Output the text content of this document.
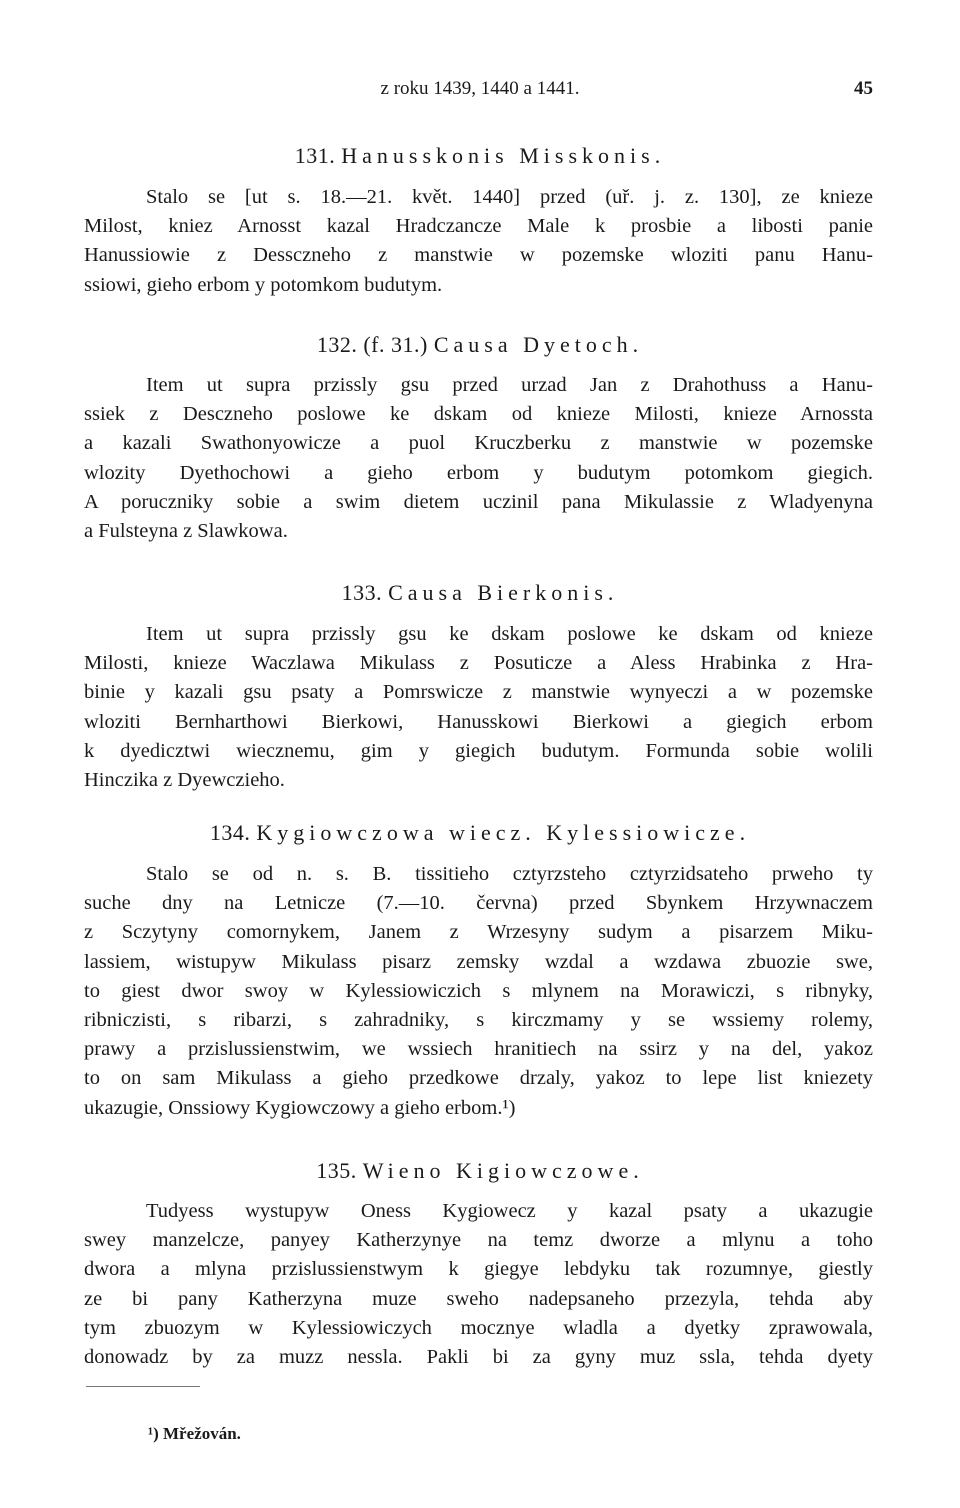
z roku 1439, 1440 a 1441.	45
131. Hanusskonis Misskonis.
Stalo se [ut s. 18.—21. květ. 1440] przed (uř. j. z. 130], ze knieze
Milost, kniez Arnosst kazal Hradczancze Male k prosbie a libosti panie
Hanussiowie z Dessczneho z manstwie w pozemske wloziti panu Hanu-
ssiowi, gieho erbom y potomkom budutym.
132. (f. 31.) Causa Dyetoch.
Item ut supra przissly gsu przed urzad Jan z Drahothuss a Hanu-
ssiek z Desczneho poslowe ke dskam od knieze Milosti, knieze Arnossta
a kazali Swathonyowicze a puol Kruczberku z manstwie w pozemske
wlozity Dyethochowi a gieho erbom y budutym potomkom giegich.
A porucznikу sobie a swim dietem uczinil pana Mikulassie z Wladyenyna
a Fulsteyna z Slawkowa.
133. Causa Bierkonis.
Item ut supra przissly gsu ke dskam poslowe ke dskam od knieze
Milosti, knieze Waczlawa Mikulass z Posuticze a Aless Hrabinka z Hra-
binie y kazali gsu psaty a Pomrswicze z manstwie wynyeczi a w pozemske
wloziti Bernharthowi Bierkowi, Hanusskowi Bierkowi a giegich erbom
k dyedicztwi wiecznemu, gim y giegich budutym. Formunda sobie wolili
Hinczika z Dyewczieho.
134. Kygiowczowa wiecz. Kylessiowicze.
Stalo se od n. s. B. tissitieho cztyrzsteho cztyrzidsateho prweho ty
suche dny na Letnicze (7.—10. června) przed Sbynkem Hrzywnaczem
z Sczytyny comornykem, Janem z Wrzesyny sudym a pisarzem Miku-
lassiem, wistupyw Mikulass pisarz zemsky wzdal a wzdawa zbuozie swe,
to giest dwor swoy w Kylessiowiczich s mlynem na Morawiczi, s ribnyky,
ribniczisti, s ribarzi, s zahradniky, s kirczmamy y se wssiemy rolemy,
prawy a przislussienstwim, we wssiech hranitiech na ssirz y na del, yakoz
to on sam Mikulass a gieho przedkowe drzaly, yakoz to lepe list kniezety
ukazugie, Onssiowy Kygiowczowy a gieho erbom.¹)
135. Wieno Kigiowczowe.
Tudyess wystupyw Oness Kygiowecz y kazal psaty a ukazugie
swey manzelcze, panyey Katherzynye na temz dworze a mlynu a toho
dwora a mlyna przislussienstwym k giegye lebdyku tak rozumnye, giestly
ze bi pany Katherzyna muze sweho nadepsaneho przezyla, tehda aby
tym zbuozym w Kylessiowiczych mocznye wladla a dyetky zprawowala,
donowadz by za muzz nessla. Pakli bi za gyny muz ssla, tehda dyety
¹) Mřežován.
